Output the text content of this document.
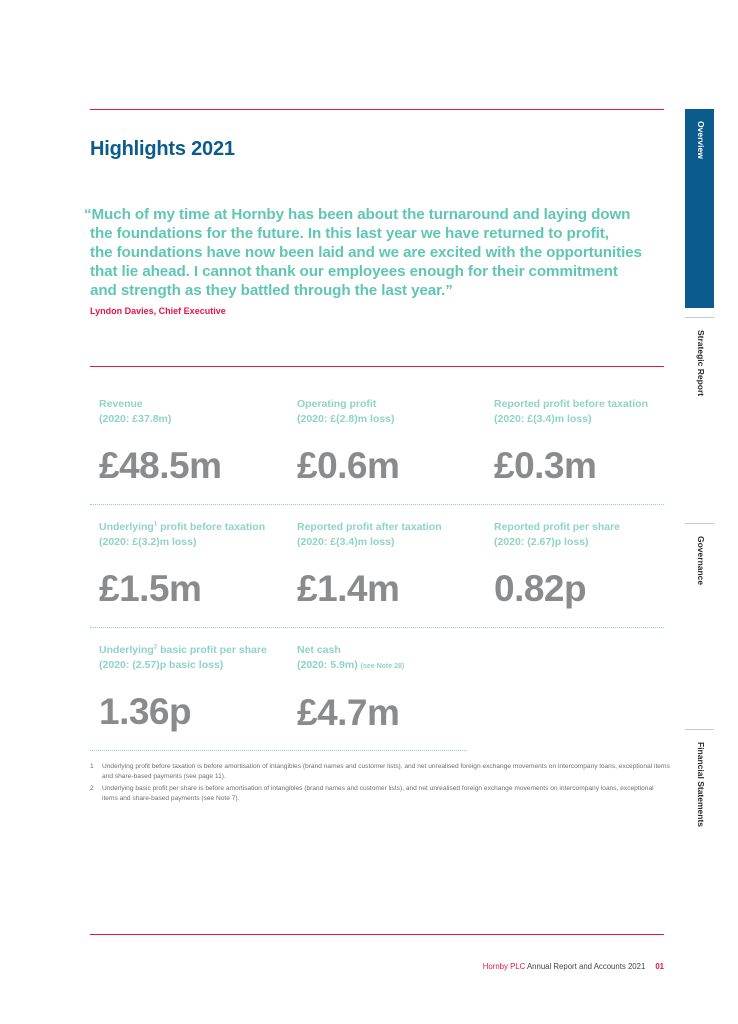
Highlights 2021
“Much of my time at Hornby has been about the turnaround and laying down
the foundations for the future. In this last year we have returned to profit,
the foundations have now been laid and we are excited with the opportunities
that lie ahead. I cannot thank our employees enough for their commitment
and strength as they battled through the last year.”
Lyndon Davies, Chief Executive
Revenue
(2020: £37.8m)
£48.5m
Operating profit
(2020: £(2.8)m loss)
£0.6m
Reported profit before taxation
(2020: £(3.4)m loss)
£0.3m
Underlying$^1$ profit before taxation
(2020: £(3.2)m loss)
£1.5m
Reported profit after taxation
(2020: £(3.4)m loss)
£1.4m
Reported profit per share
(2020: (2.67)p loss)
0.82p
Underlying$^2$ basic profit per share
(2020: (2.57)p basic loss)
1.36p
Net cash
(2020: 5.9m) (see Note 28)
£4.7m
1	Underlying profit before taxation is before amortisation of intangibles (brand names and customer lists), and net unrealised foreign exchange movements on intercompany loans, exceptional items and share-based payments (see page 11).
2	Underlying basic profit per share is before amortisation of intangibles (brand names and customer lists), and net unrealised foreign exchange movements on intercompany loans, exceptional items and share-based payments (see Note 7).
Overview
Strategic Report
Governance
Financial Statements
Hornby PLC Annual Report and Accounts 2021 01
